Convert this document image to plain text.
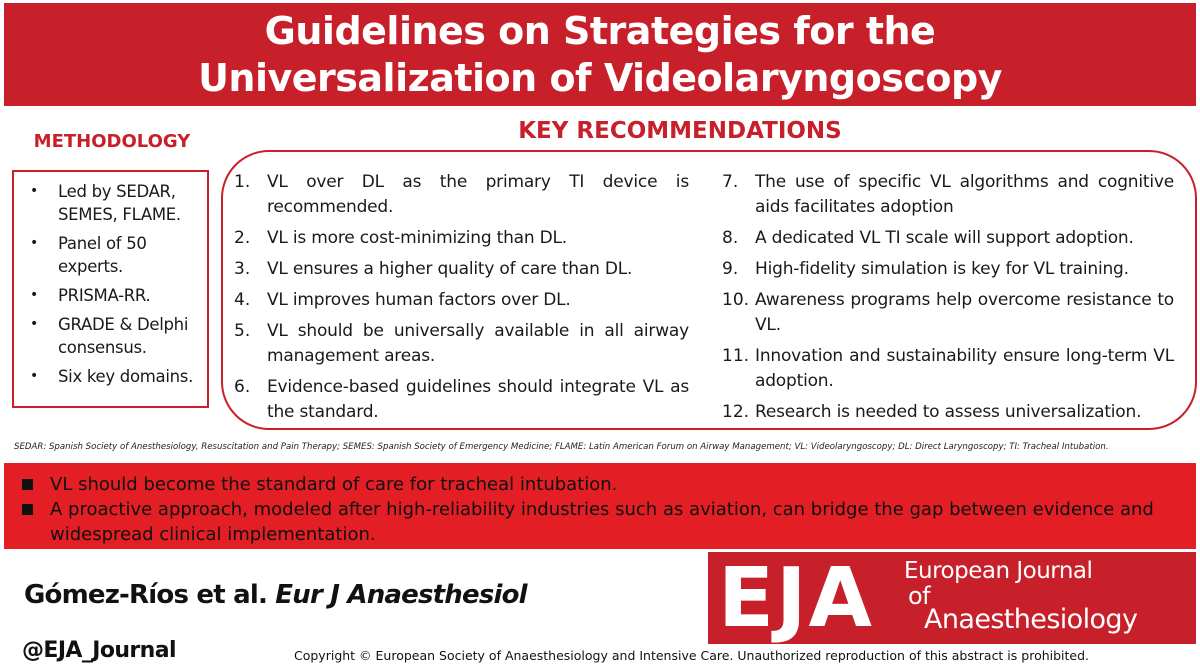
Guidelines on Strategies for the Universalization of Videolaryngoscopy
METHODOLOGY
• Led by SEDAR, SEMES, FLAME.
• Panel of 50 experts.
• PRISMA-RR.
• GRADE & Delphi consensus.
• Six key domains.
KEY RECOMMENDATIONS
1. VL over DL as the primary TI device is recommended.
2. VL is more cost-minimizing than DL.
3. VL ensures a higher quality of care than DL.
4. VL improves human factors over DL.
5. VL should be universally available in all airway management areas.
6. Evidence-based guidelines should integrate VL as the standard.
7. The use of specific VL algorithms and cognitive aids facilitates adoption
8. A dedicated VL TI scale will support adoption.
9. High-fidelity simulation is key for VL training.
10. Awareness programs help overcome resistance to VL.
11. Innovation and sustainability ensure long-term VL adoption.
12. Research is needed to assess universalization.
SEDAR: Spanish Society of Anesthesiology, Resuscitation and Pain Therapy; SEMES: Spanish Society of Emergency Medicine; FLAME: Latin American Forum on Airway Management; VL: Videolaryngoscopy; DL: Direct Laryngoscopy; TI: Tracheal Intubation.
VL should become the standard of care for tracheal intubation.
A proactive approach, modeled after high-reliability industries such as aviation, can bridge the gap between evidence and widespread clinical implementation.
Gómez-Ríos et al. Eur J Anaesthesiol
@EJA_Journal	Copyright © European Society of Anaesthesiology and Intensive Care. Unauthorized reproduction of this abstract is prohibited.
EJA European Journal
of
Anaesthesiology
